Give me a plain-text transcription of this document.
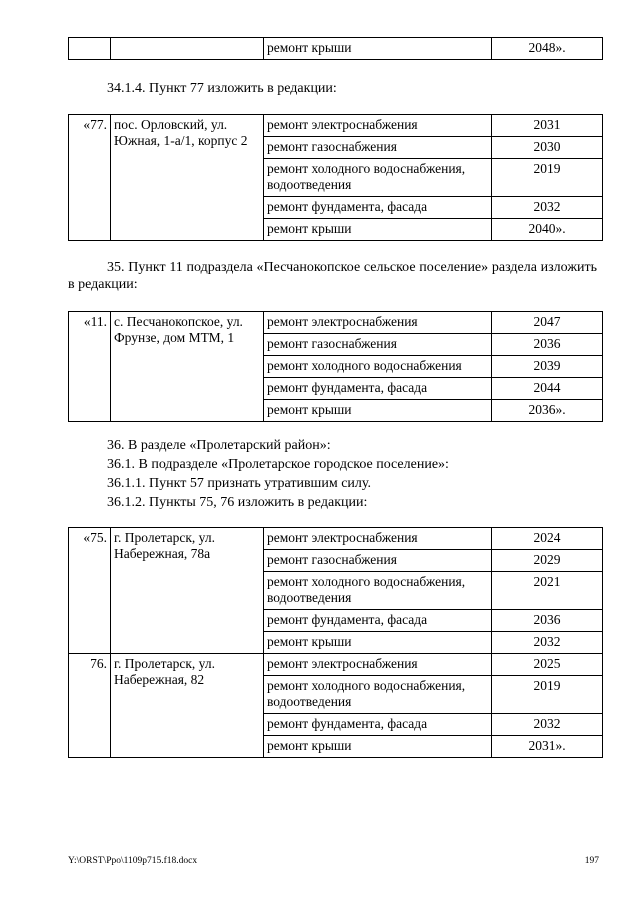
		ремонт крыши	2048».

34.1.4. Пункт 77 изложить в редакции:

«77.	пос. Орловский, ул. Южная, 1-а/1, корпус 2	ремонт электроснабжения	2031
		ремонт газоснабжения	2030
		ремонт холодного водоснабжения, водоотведения	2019
		ремонт фундамента, фасада	2032
		ремонт крыши	2040».

35. Пункт 11 подраздела «Песчанокопское сельское поселение» раздела изложить в редакции:

«11.	с. Песчанокопское, ул. Фрунзе, дом МТМ, 1	ремонт электроснабжения	2047
		ремонт газоснабжения	2036
		ремонт холодного водоснабжения	2039
		ремонт фундамента, фасада	2044
		ремонт крыши	2036».

36. В разделе «Пролетарский район»:

36.1. В подразделе «Пролетарское городское поселение»:

36.1.1. Пункт 57 признать утратившим силу.

36.1.2. Пункты 75, 76 изложить в рeдакции:

«75.	г. Пролетарск, ул. Набережная, 78а	ремонт электроснабжения	2024
		ремонт газоснабжения	2029
		ремонт холодного водоснабжения, водоотведения	2021
		ремонт фундамента, фасада	2036
		ремонт крыши	2032
76.	г. Пролетарск, ул. Набережная, 82	ремонт электроснабжения	2025
		ремонт холодного водоснабжения, водоотведения	2019
		ремонт фундамента, фасада	2032
		ремонт крыши	2031».
Y:\ORST\Ppo\1109p715.f18.docx	197
